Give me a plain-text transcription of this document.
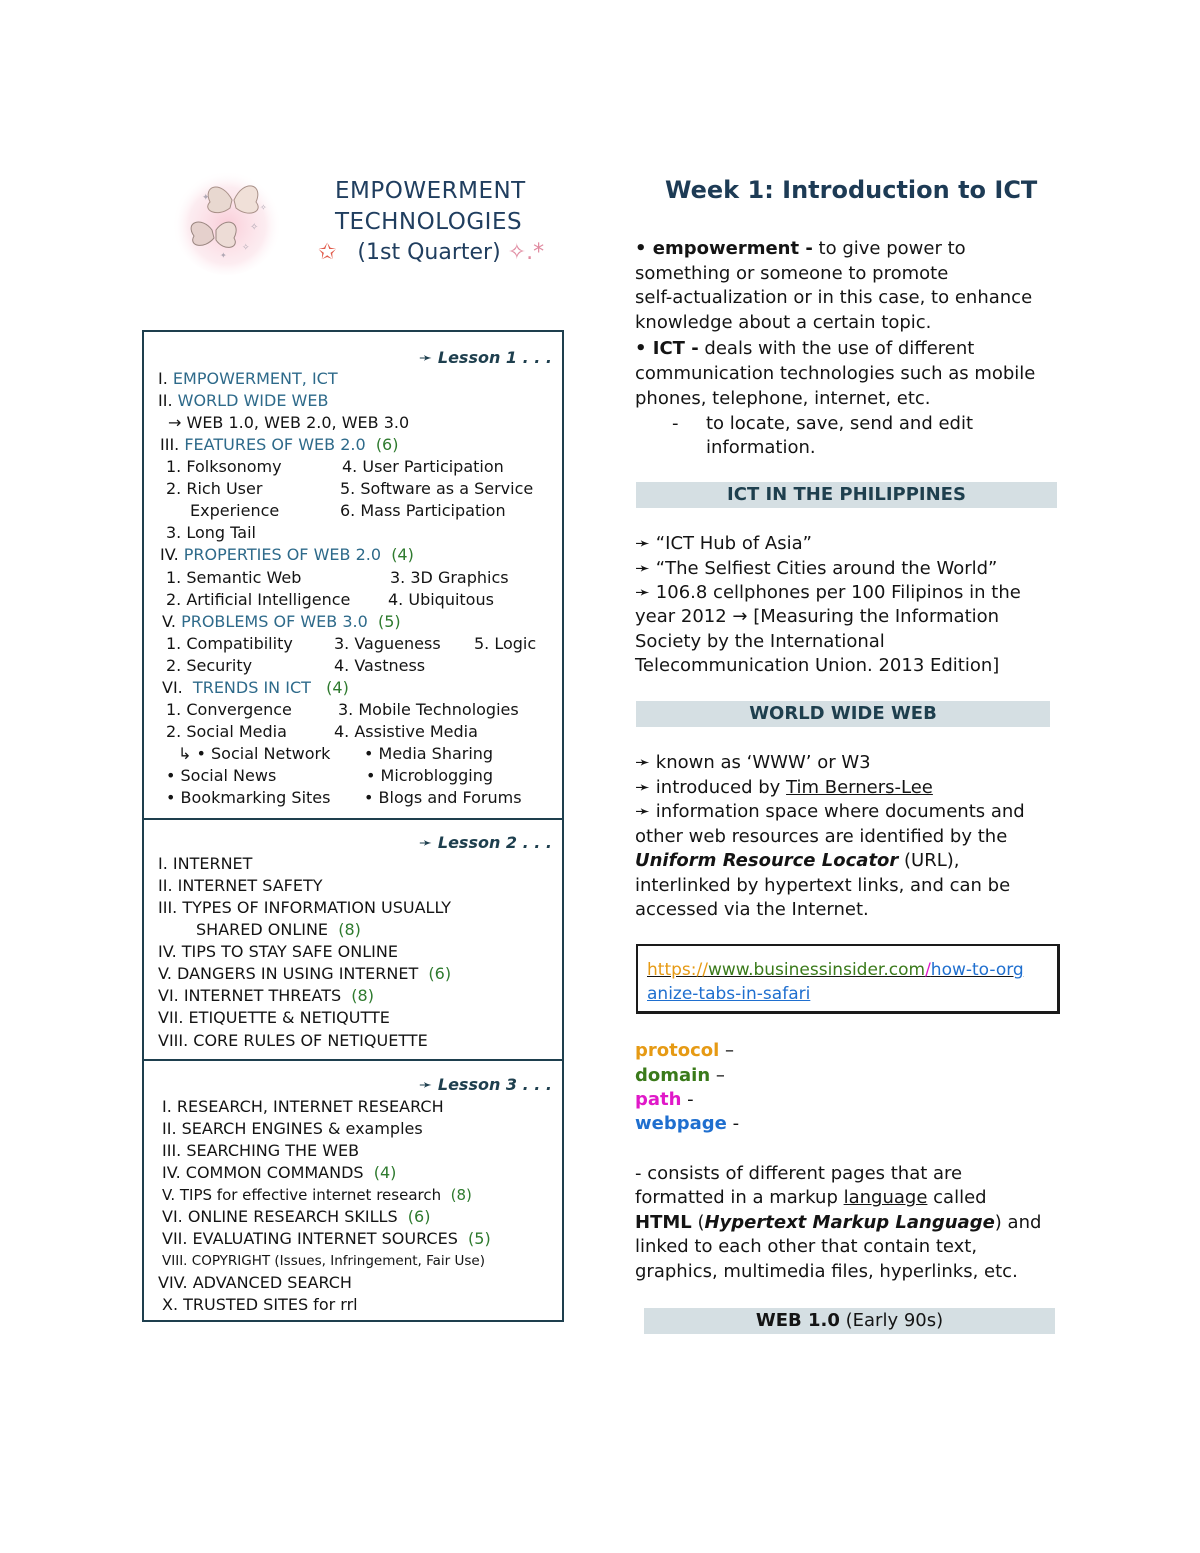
✧
✦
✧
✦
✧
EMPOWERMENT
TECHNOLOGIES
✩ (1st Quarter) ✧.*
Week 1: Introduction to ICT
➛ Lesson 1 . . .
I. EMPOWERMENT, ICT
II. WORLD WIDE WEB
→ WEB 1.0, WEB 2.0, WEB 3.0
III. FEATURES OF WEB 2.0 (6)
1. Folksonomy	4. User Participation
2. Rich User	5. Software as a Service
Experience	6. Mass Participation
3. Long Tail
IV. PROPERTIES OF WEB 2.0 (4)
1. Semantic Web	3. 3D Graphics
2. Artificial Intelligence 4. Ubiquitous
V. PROBLEMS OF WEB 3.0 (5)
1. Compatibility	3. Vagueness 5. Logic
2. Security	4. Vastness
VI. TRENDS IN ICT (4)
1. Convergence	3. Mobile Technologies
2. Social Media	4. Assistive Media
↳ • Social Network • Media Sharing
• Social News	• Microblogging
• Bookmarking Sites • Blogs and Forums
➛ Lesson 2 . . .
I. INTERNET
II. INTERNET SAFETY
III. TYPES OF INFORMATION USUALLY
SHARED ONLINE (8)
IV. TIPS TO STAY SAFE ONLINE
V. DANGERS IN USING INTERNET (6)
VI. INTERNET THREATS (8)
VII. ETIQUETTE & NETIQUTTE
VIII. CORE RULES OF NETIQUETTE
➛ Lesson 3 . . .
I. RESEARCH, INTERNET RESEARCH
II. SEARCH ENGINES & examples
III. SEARCHING THE WEB
IV. COMMON COMMANDS (4)
V. TIPS for effective internet research (8)
VI. ONLINE RESEARCH SKILLS (6)
VII. EVALUATING INTERNET SOURCES (5)
VIII. COPYRIGHT (Issues, Infringement, Fair Use)
VIV. ADVANCED SEARCH
X. TRUSTED SITES for rrl
• empowerment - to give power to
something or someone to promote
self-actualization or in this case, to enhance
knowledge about a certain topic.
• ICT - deals with the use of different
communication technologies such as mobile
phones, telephone, internet, etc.
- to locate, save, send and edit
information.
ICT IN THE PHILIPPINES
➛ “ICT Hub of Asia”
➛ “The Selfiest Cities around the World”
➛ 106.8 cellphones per 100 Filipinos in the
year 2012 → [Measuring the Information
Society by the International
Telecommunication Union. 2013 Edition]
WORLD WIDE WEB
➛ known as ‘WWW’ or W3
➛ introduced by Tim Berners-Lee
➛ information space where documents and
other web resources are identified by the
Uniform Resource Locator (URL),
interlinked by hypertext links, and can be
accessed via the Internet.
https://www.businessinsider.com/how-to-org
anize-tabs-in-safari
protocol –
domain –
path -
webpage -
- consists of different pages that are
formatted in a markup language called
HTML (Hypertext Markup Language) and
linked to each other that contain text,
graphics, multimedia files, hyperlinks, etc.
WEB 1.0 (Early 90s)
